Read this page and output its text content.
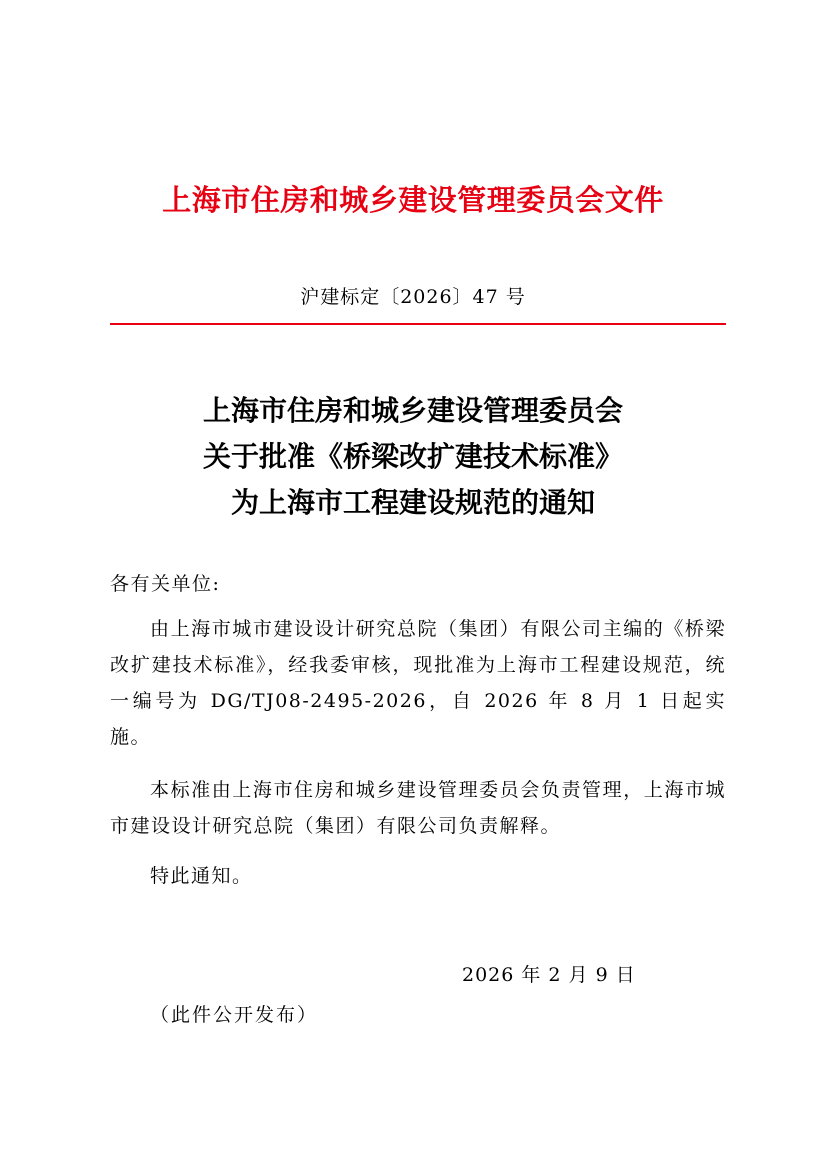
上海市住房和城乡建设管理委员会文件
沪建标定〔2026〕47 号
上海市住房和城乡建设管理委员会
关于批准《桥梁改扩建技术标准》
为上海市工程建设规范的通知
各有关单位:
由上海市城市建设设计研究总院（集团）有限公司主编的《桥梁改扩建技术标准》，经我委审核，现批准为上海市工程建设规范，统一编号为 DG/TJ08-2495-2026，自 2026 年 8 月 1 日起实施。
本标准由上海市住房和城乡建设管理委员会负责管理，上海市城市建设设计研究总院（集团）有限公司负责解释。
特此通知。
2026 年 2 月 9 日
（此件公开发布）
